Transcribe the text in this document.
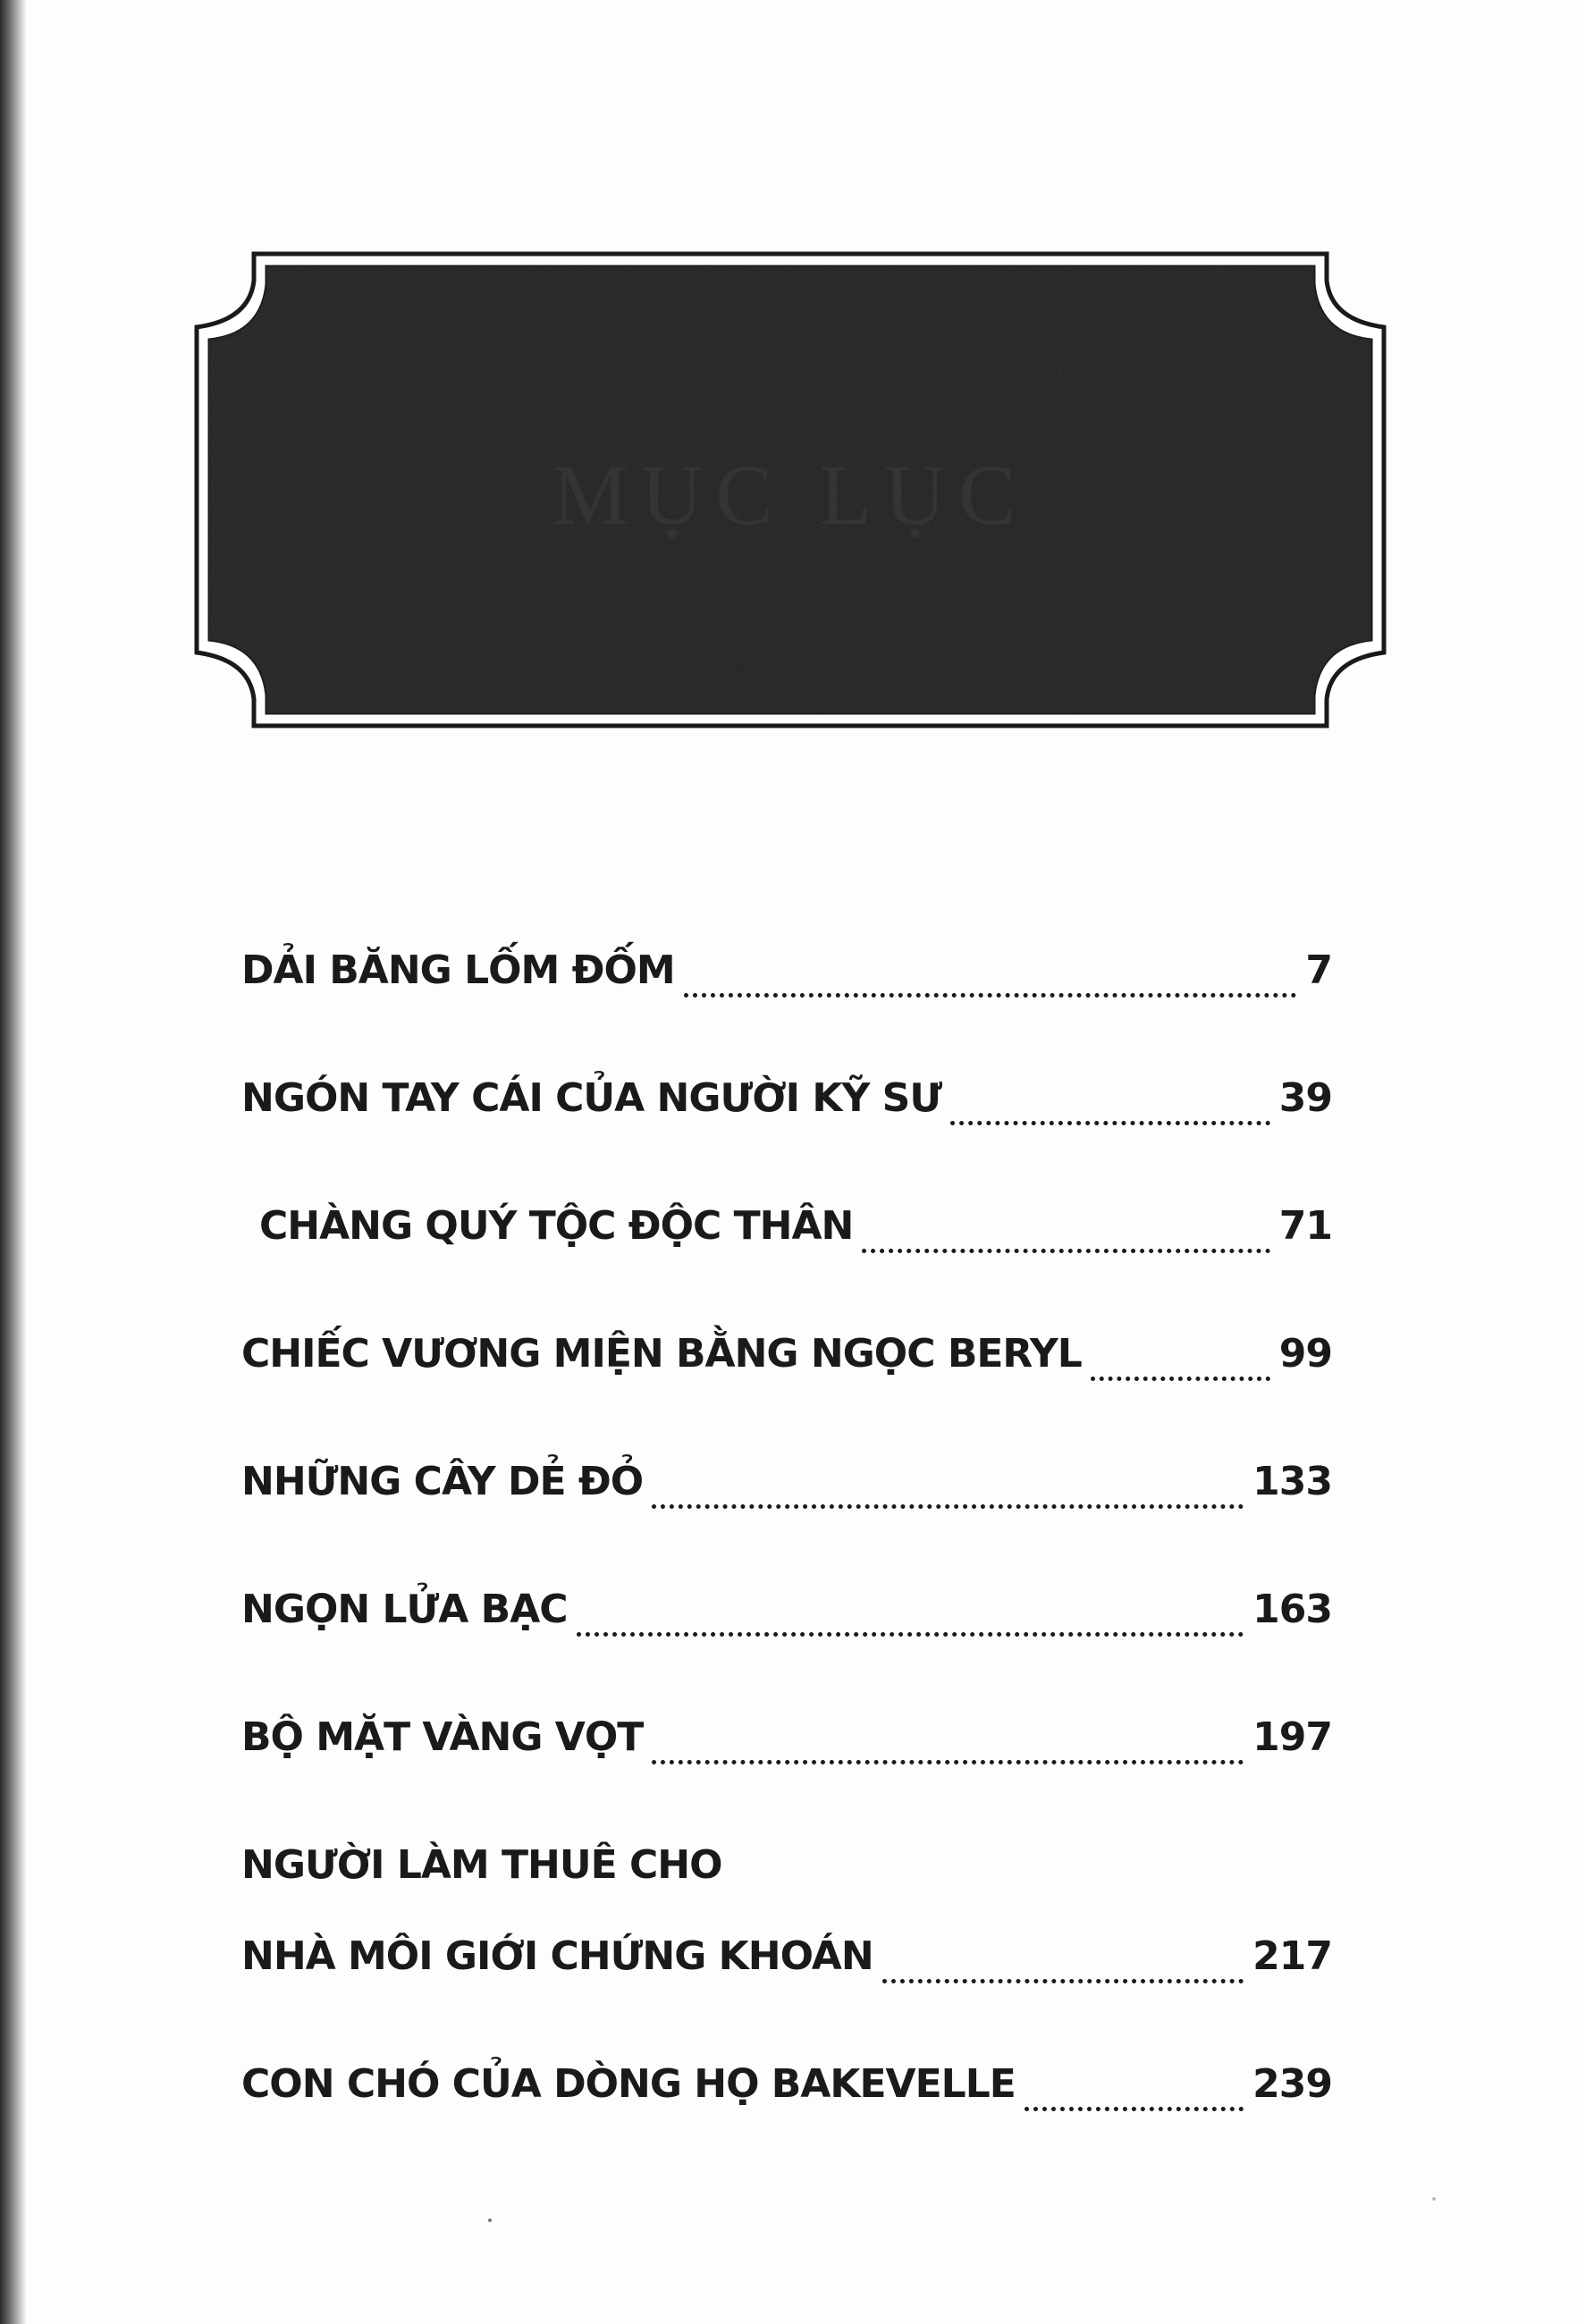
MỤC LỤC
DẢI BĂNG LỐM ĐỐM	7
NGÓN TAY CÁI CỦA NGƯỜI KỸ SƯ	39
CHÀNG QUÝ TỘC ĐỘC THÂN	71
CHIẾC VƯƠNG MIỆN BẰNG NGỌC BERYL	99
NHỮNG CÂY DẺ ĐỎ	133
NGỌN LỬA BẠC	163
BỘ MẶT VÀNG VỌT	197
NGƯỜI LÀM THUÊ CHO
NHÀ MÔI GIỚI CHỨNG KHOÁN	217
CON CHÓ CỦA DÒNG HỌ BAKEVELLE	239
